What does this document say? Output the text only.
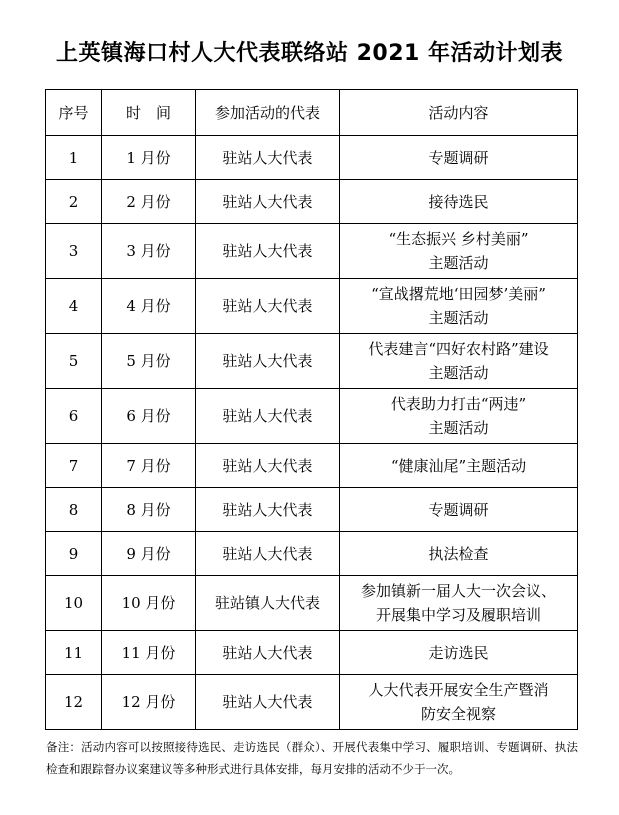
上英镇海口村人大代表联络站 2021 年活动计划表
序号	时　间	参加活动的代表	活动内容
1	1 月份	驻站人大代表	专题调研

2	2 月份	驻站人大代表	接待选民

3	3 月份	驻站人大代表	“生态振兴 乡村美丽”
主题活动

4	4 月份	驻站人大代表	“宣战撂荒地‘田园梦’美丽”
主题活动

5	5 月份	驻站人大代表	代表建言“四好农村路”建设
主题活动

6	6 月份	驻站人大代表	代表助力打击“两违”
主题活动

7	7 月份	驻站人大代表	“健康汕尾”主题活动

8	8 月份	驻站人大代表	专题调研

9	9 月份	驻站人大代表	执法检查

10	10 月份	驻站镇人大代表	参加镇新一届人大一次会议、
开展集中学习及履职培训

11	11 月份	驻站人大代表	走访选民

12	12 月份	驻站人大代表	人大代表开展安全生产暨消
防安全视察
备注：活动内容可以按照接待选民、走访选民（群众）、开展代表集中学习、履职培训、专题调研、执法检查和跟踪督办议案建议等多种形式进行具体安排，每月安排的活动不少于一次。
